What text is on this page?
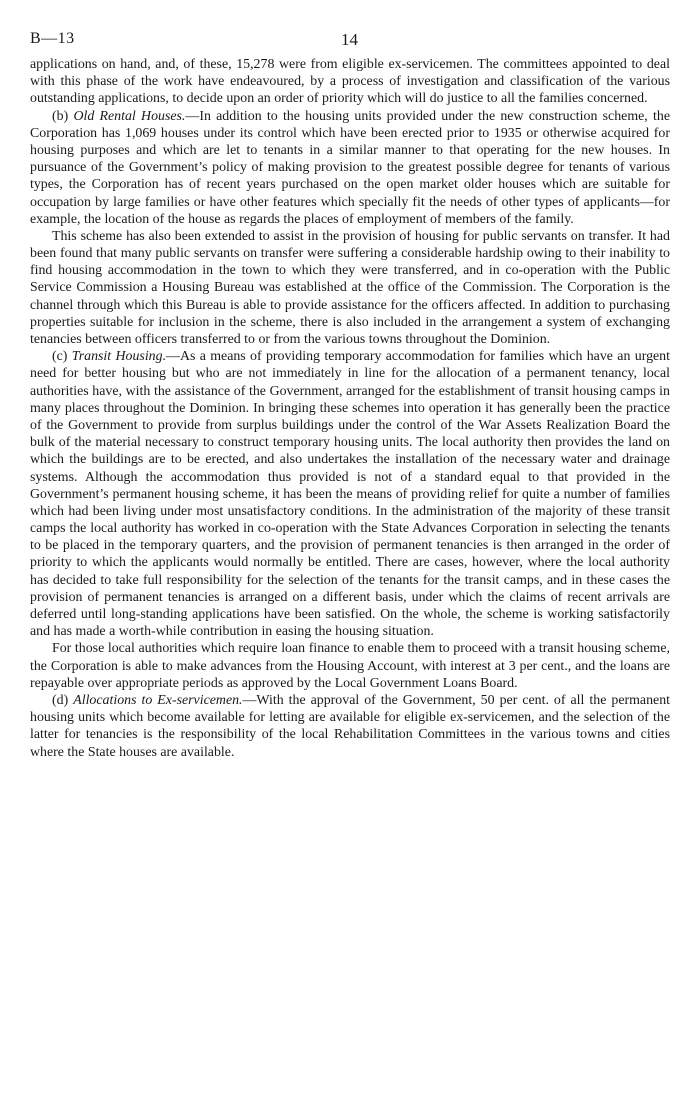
B—13	14

applications on hand, and, of these, 15,278 were from eligible ex-servicemen. The committees appointed to deal with this phase of the work have endeavoured, by a process of investigation and classification of the various outstanding applications, to decide upon an order of priority which will do justice to all the families concerned.

(b) Old Rental Houses.—In addition to the housing units provided under the new construction scheme, the Corporation has 1,069 houses under its control which have been erected prior to 1935 or otherwise acquired for housing purposes and which are let to tenants in a similar manner to that operating for the new houses. In pursuance of the Government’s policy of making provision to the greatest possible degree for tenants of various types, the Corporation has of recent years purchased on the open market older houses which are suitable for occupation by large families or have other features which specially fit the needs of other types of applicants—for example, the location of the house as regards the places of employment of members of the family.

This scheme has also been extended to assist in the provision of housing for public servants on transfer. It had been found that many public servants on transfer were suffering a considerable hardship owing to their inability to find housing accommodation in the town to which they were transferred, and in co-operation with the Public Service Commission a Housing Bureau was established at the office of the Commission. The Corporation is the channel through which this Bureau is able to provide assistance for the officers affected. In addition to purchasing properties suitable for inclusion in the scheme, there is also included in the arrangement a system of exchanging tenancies between officers transferred to or from the various towns throughout the Dominion.

(c) Transit Housing.—As a means of providing temporary accommodation for families which have an urgent need for better housing but who are not immediately in line for the allocation of a permanent tenancy, local authorities have, with the assistance of the Government, arranged for the establishment of transit housing camps in many places throughout the Dominion. In bringing these schemes into operation it has generally been the practice of the Government to provide from surplus buildings under the control of the War Assets Realization Board the bulk of the material necessary to construct temporary housing units. The local authority then provides the land on which the buildings are to be erected, and also undertakes the installation of the necessary water and drainage systems. Although the accommodation thus provided is not of a standard equal to that provided in the Government’s permanent housing scheme, it has been the means of providing relief for quite a number of families which had been living under most unsatisfactory conditions. In the administration of the majority of these transit camps the local authority has worked in co-operation with the State Advances Corporation in selecting the tenants to be placed in the temporary quarters, and the provision of permanent tenancies is then arranged in the order of priority to which the applicants would normally be entitled. There are cases, however, where the local authority has decided to take full responsibility for the selection of the tenants for the transit camps, and in these cases the provision of permanent tenancies is arranged on a different basis, under which the claims of recent arrivals are deferred until long-standing applications have been satisfied. On the whole, the scheme is working satisfactorily and has made a worth-while contribution in easing the housing situation.

For those local authorities which require loan finance to enable them to proceed with a transit housing scheme, the Corporation is able to make advances from the Housing Account, with interest at 3 per cent., and the loans are repayable over appropriate periods as approved by the Local Government Loans Board.

(d) Allocations to Ex-servicemen.—With the approval of the Government, 50 per cent. of all the permanent housing units which become available for letting are available for eligible ex-servicemen, and the selection of the latter for tenancies is the responsibility of the local Rehabilitation Committees in the various towns and cities where the State houses are available.
